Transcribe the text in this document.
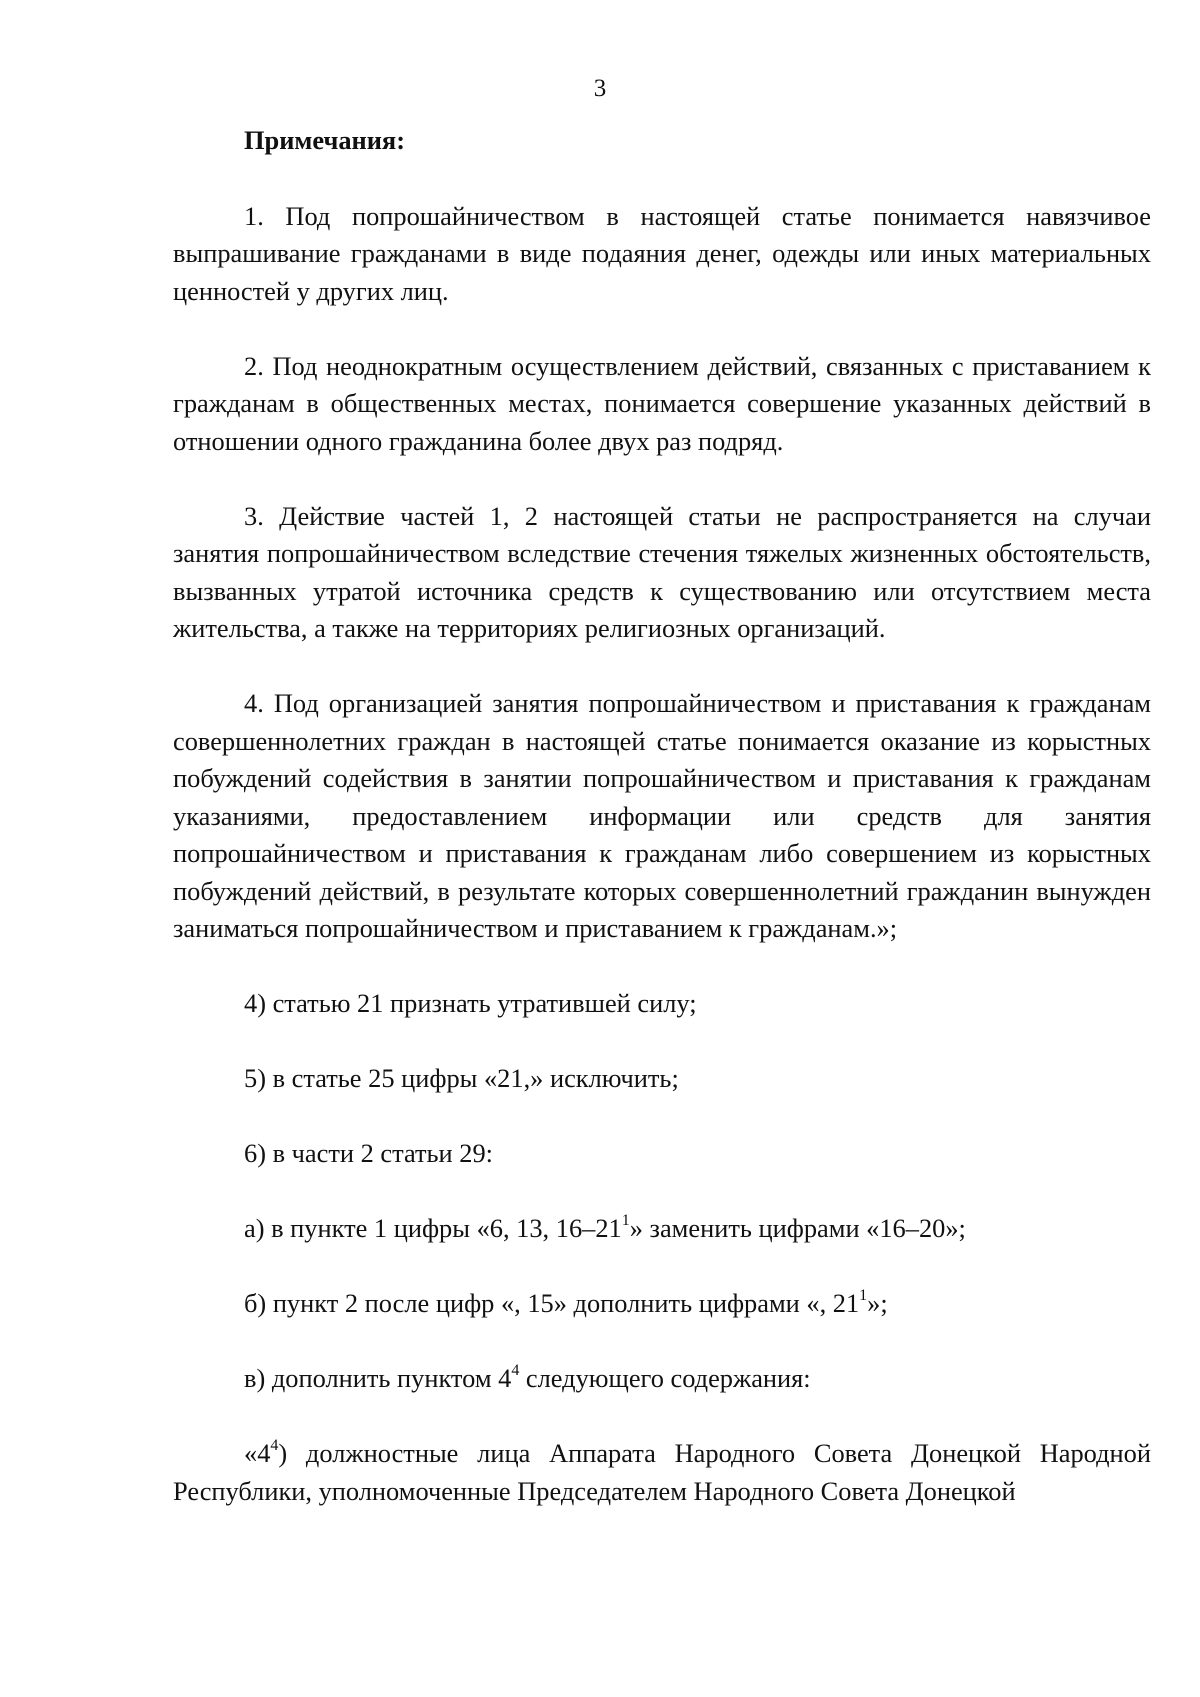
3
Примечания:

1. Под попрошайничеством в настоящей статье понимается навязчивое выпрашивание гражданами в виде подаяния денег, одежды или иных материальных ценностей у других лиц.

2. Под неоднократным осуществлением действий, связанных с приставанием к гражданам в общественных местах, понимается совершение указанных действий в отношении одного гражданина более двух раз подряд.

3. Действие частей 1, 2 настоящей статьи не распространяется на случаи занятия попрошайничеством вследствие стечения тяжелых жизненных обстоятельств, вызванных утратой источника средств к существованию или отсутствием места жительства, а также на территориях религиозных организаций.

4. Под организацией занятия попрошайничеством и приставания к гражданам совершеннолетних граждан в настоящей статье понимается оказание из корыстных побуждений содействия в занятии попрошайничеством и приставания к гражданам указаниями, предоставлением информации или средств для занятия попрошайничеством и приставания к гражданам либо совершением из корыстных побуждений действий, в результате которых совершеннолетний гражданин вынужден заниматься попрошайничеством и приставанием к гражданам.»;

4) статью 21 признать утратившей силу;

5) в статье 25 цифры «21,» исключить;

6) в части 2 статьи 29:

а) в пункте 1 цифры «6, 13, $16-21^1$» заменить цифрами «16–20»;

б) пункт 2 после цифр «, 15» дополнить цифрами «, $21^1$»;

в) дополнить пунктом $4^4$ следующего содержания:

«$4^4$) должностные лица Аппарата Народного Совета Донецкой Народной Республики, уполномоченные Председателем Народного Совета Донецкой
